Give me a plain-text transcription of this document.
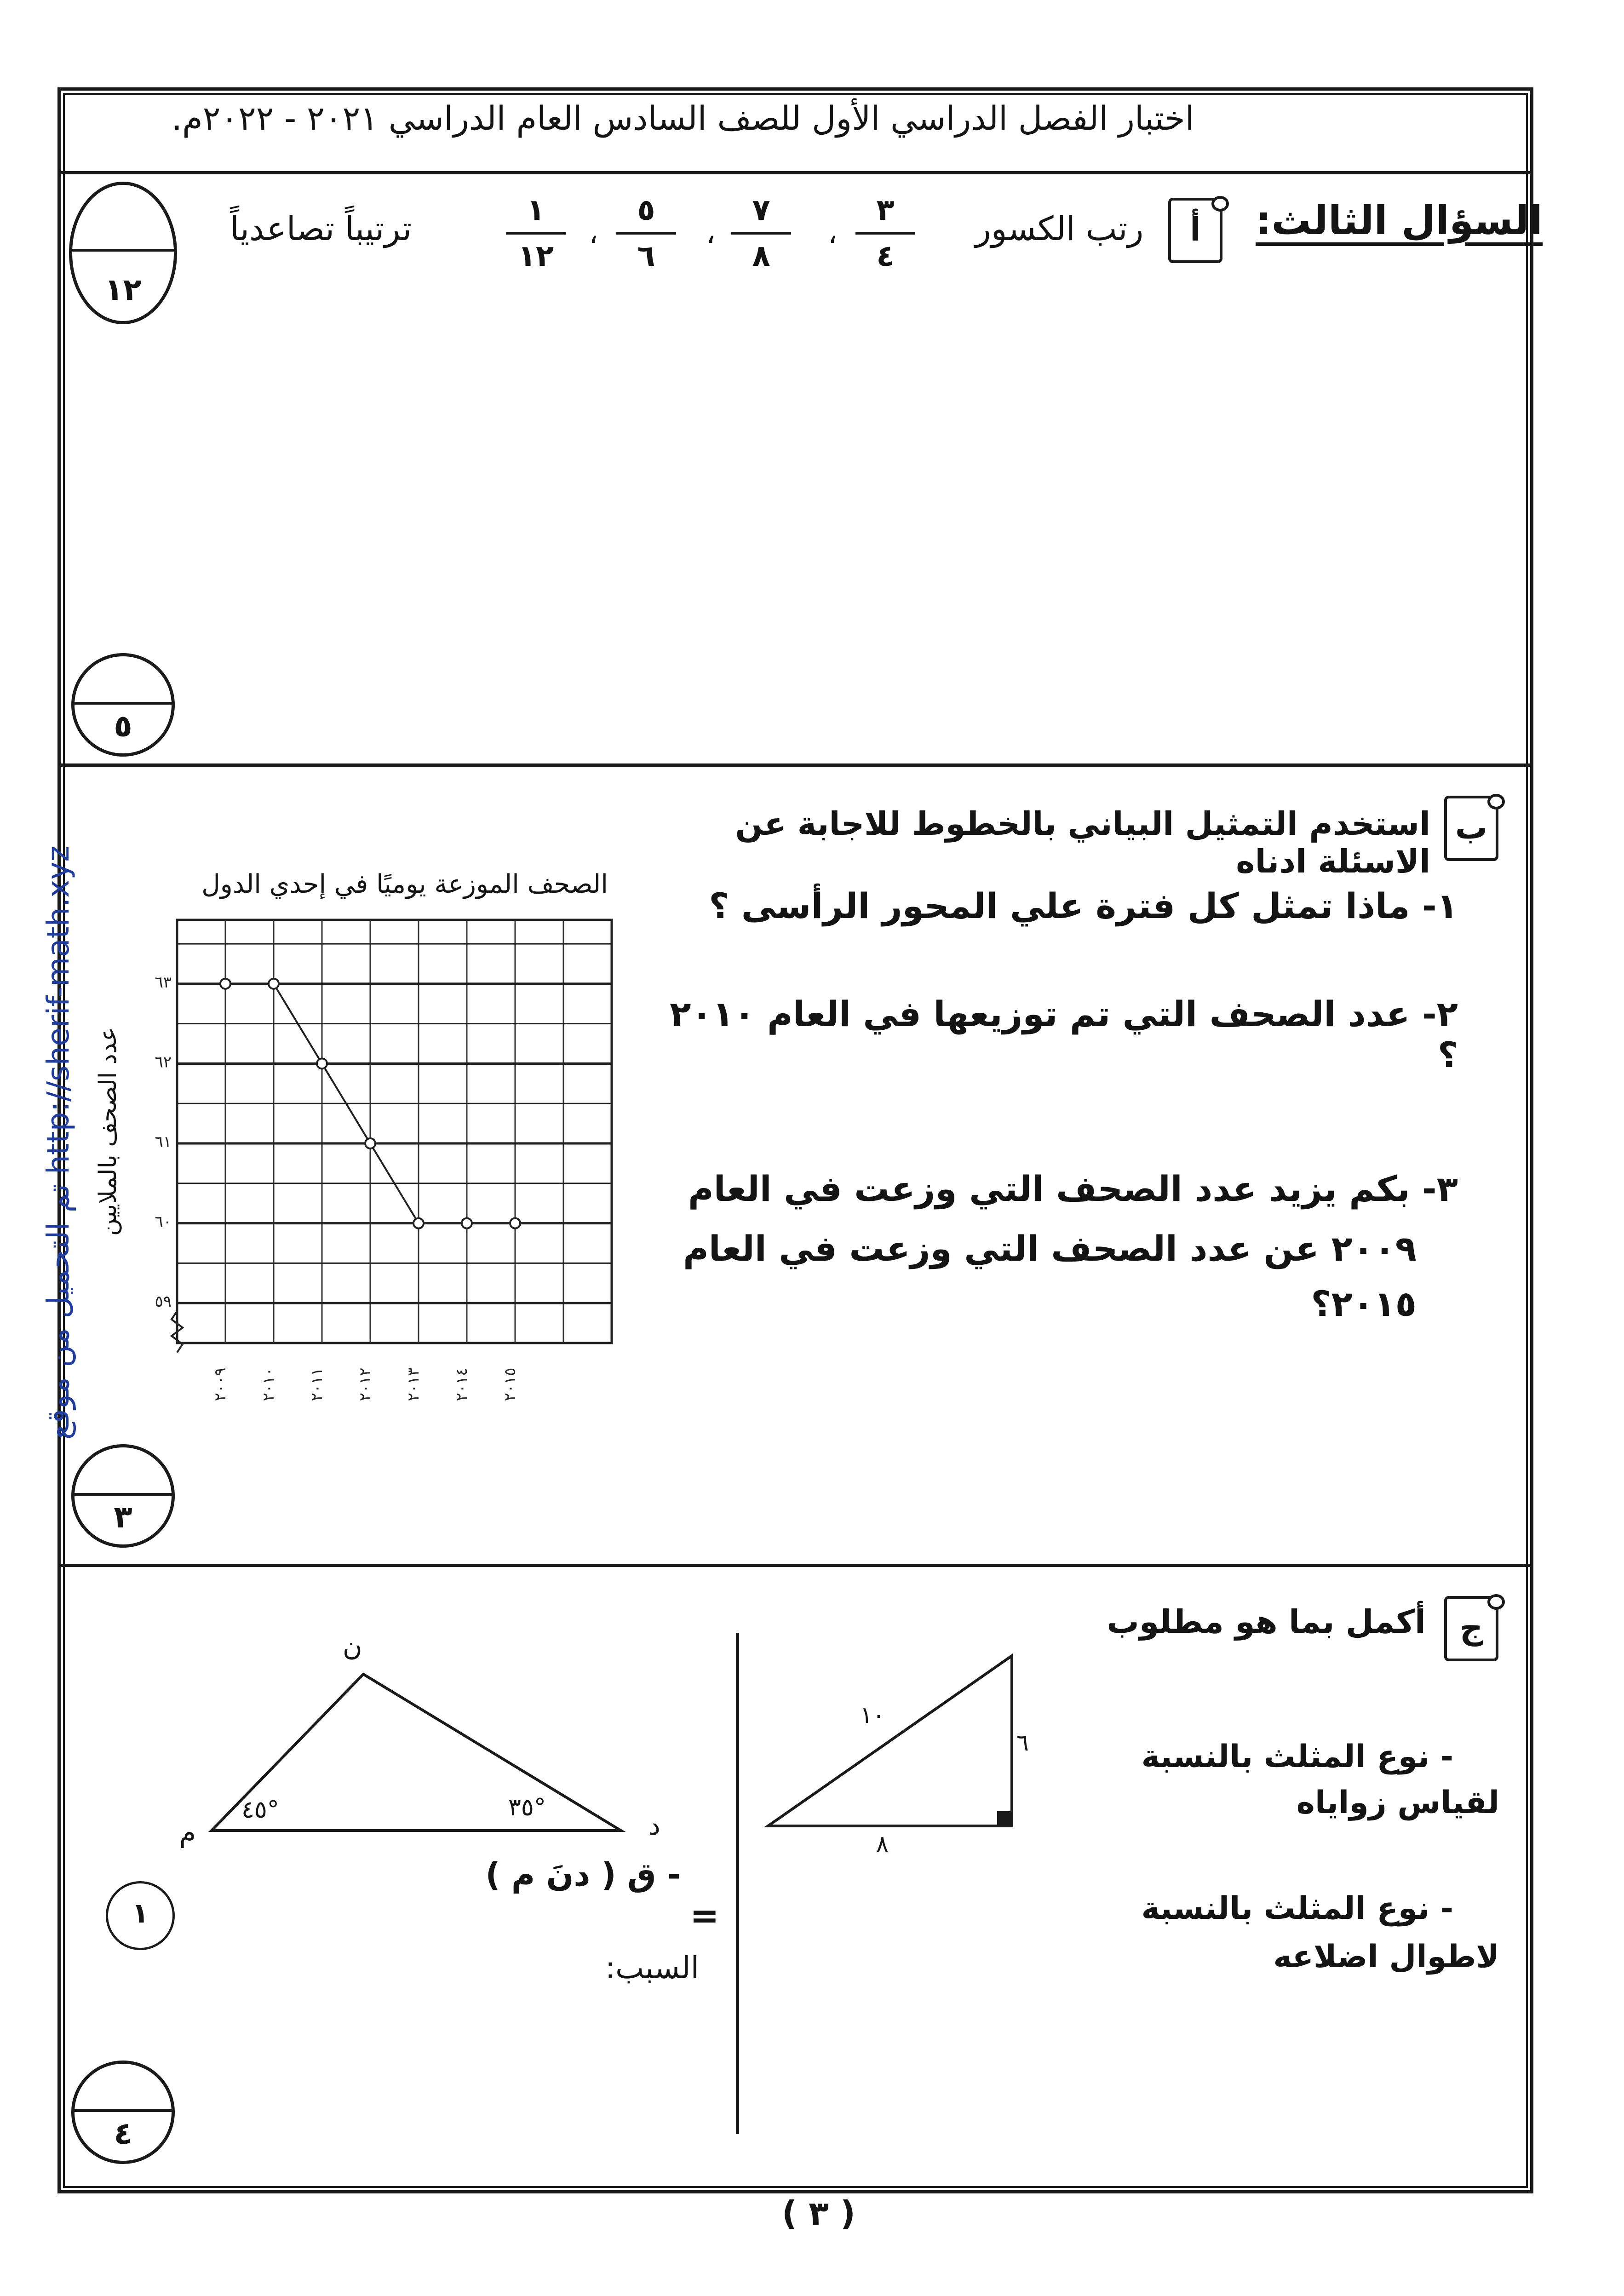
اختبار الفصل الدراسي الأول للصف السادس العام الدراسي ٢٠٢١ - ٢٠٢٢م.
تم التحميل من موقع http://sherif-math.xyz
السؤال الثالث:
أ
رتب الكسور
ترتيباً تصاعدياً	٣
٤
،
٧
٨
،
٥
٦
،
١
١٢
١٢
٥
ب
استخدم التمثيل البياني بالخطوط للاجابة عن الاسئلة ادناه
١- ماذا تمثل كل فترة علي المحور الرأسى ؟
٢- عدد الصحف التي تم توزيعها في العام ٢٠١٠ ؟
٣- بكم يزيد عدد الصحف التي وزعت في العام
٢٠٠٩ عن عدد الصحف التي وزعت في العام
٢٠١٥؟
الصحف الموزعة يوميًا في إحدي الدول
عدد الصحف بالملايين
٥٩
٦٠
٦١
٦٢
٦٣
٢٠٠٩ ٢٠١٠ ٢٠١١ ٢٠١٢ ٢٠١٣ ٢٠١٤ ٢٠١٥
٣
ج
أكمل بما هو مطلوب
- نوع المثلث بالنسبة
لقياس زواياه
- نوع المثلث بالنسبة
لاطوال اضلاعه
١٠
٦
٨
ن
م	د
٤٥°	٣٥°
- ق ( دنَ م )
=
السبب:
١
٤
( ٣ )
